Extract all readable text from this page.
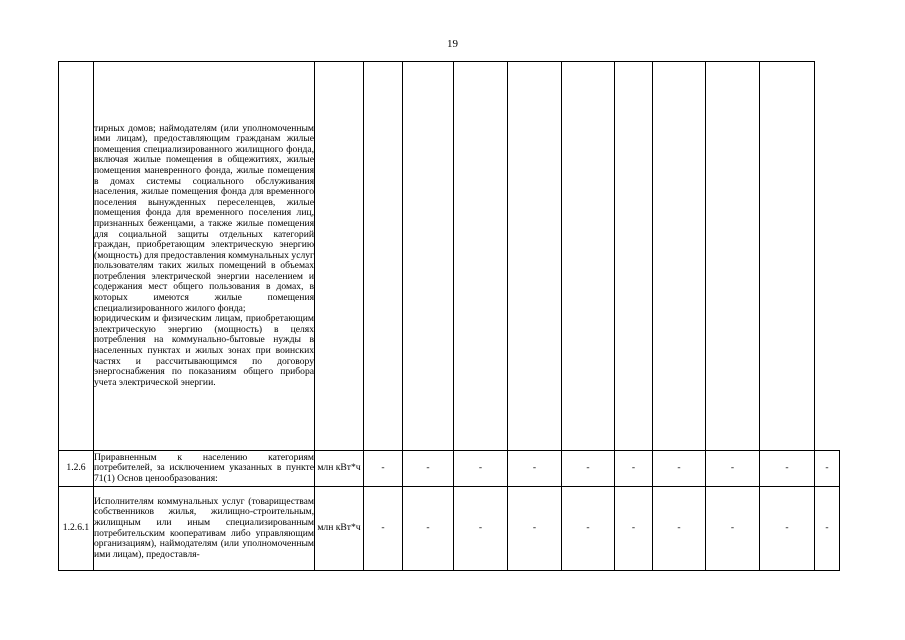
19

	тирных домов; наймодателям (или уполномоченным ими лицам), предоставляющим гражданам жилые помещения специализированного жилищного фонда, включая жилые помещения в общежитиях, жилые помещения маневренного фонда, жилые помещения в домах системы социального обслуживания населения, жилые помещения фонда для временного поселения вынужденных переселенцев, жилые помещения фонда для временного поселения лиц, признанных беженцами, а также жилые помещения для социальной защиты отдельных категорий граждан, приобретающим электрическую энергию (мощность) для предоставления коммунальных услуг пользователям таких жилых помещений в объемах потребления электрической энергии населением и содержания мест общего пользования в домах, в которых имеются жилые помещения специализированного жилого фонда;
юридическим и физическим лицам, приобретающим электрическую энергию (мощность) в целях потребления на коммунально-бытовые нужды в населенных пунктах и жилых зонах при воинских частях и рассчитывающимся по договору энергоснабжения по показаниям общего прибора учета электрической энергии.											

1.2.6	Приравненным к населению категориям потребителей, за исключением указанных в пункте 71(1) Основ ценообразования:	млн кВт*ч	-	-	-	-	-	-	-	-	-	-
1.2.6.1	Исполнителям коммунальных услуг (товариществам собственников жилья, жилищно-строительным, жилищным или иным специализированным потребительским кооперативам либо управляющим организациям), наймодателям (или уполномоченным ими лицам), предоставля-	млн кВт*ч	-	-	-	-	-	-	-	-	-	-
